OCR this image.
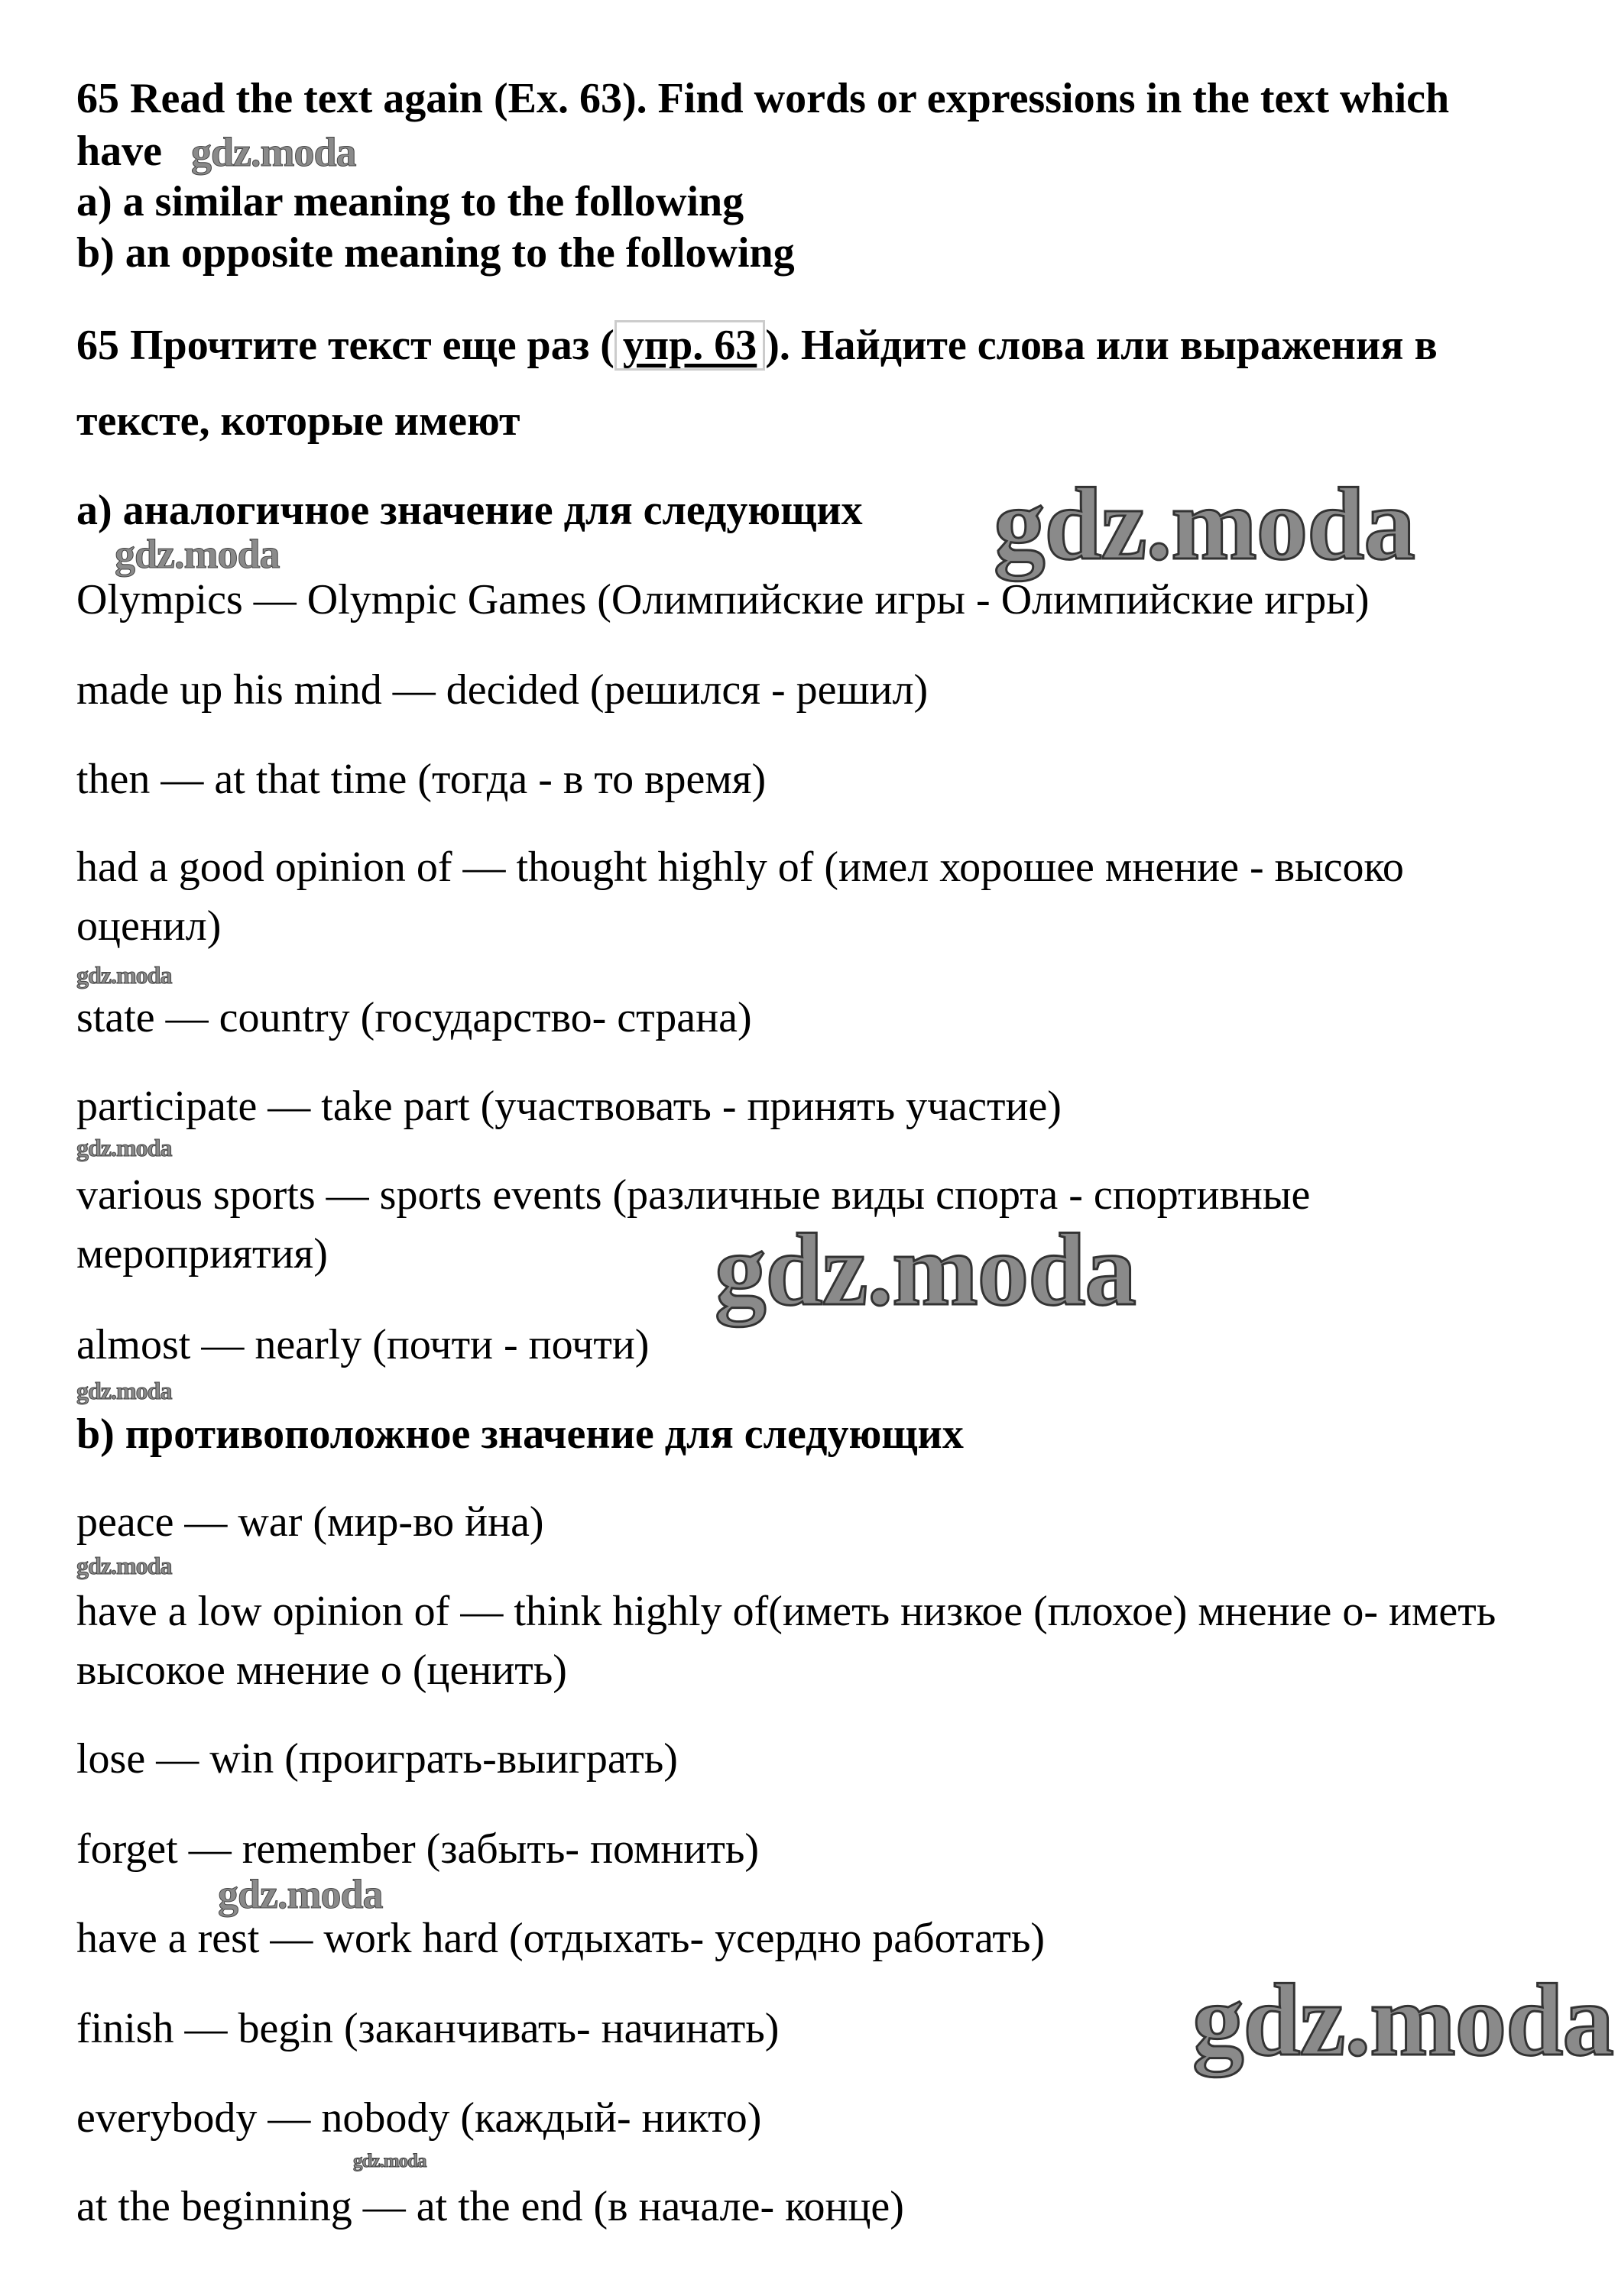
65 Read the text again (Ex. 63). Find words or expressions in the text which
have
a) a similar meaning to the following
b) an opposite meaning to the following
65 Прочтите текст еще раз ( упр. 63 ). Найдите слова или выражения в
тексте, которые имеют
а) аналогичное значение для следующих
Olympics — Olympic Games (Олимпийские игры - Олимпийские игры)
made up his mind — decided (решился - решил)
then — at that time (тогда - в то время)
had a good opinion of — thought highly of (имел хорошее мнение - высоко
оценил)
state — country (государство- страна)
participate — take part (участвовать - принять участие)
various sports — sports events (различные виды спорта - спортивные
мероприятия)
almost — nearly (почти - почти)
b) противоположное значение для следующих
peace — war (мир-во йна)
have a low opinion of — think highly of(иметь низкое (плохое) мнение о- иметь
высокое мнение о (ценить)
lose — win (проиграть-выиграть)
forget — remember (забыть- помнить)
have a rest — work hard (отдыхать- усердно работать)
finish — begin (заканчивать- начинать)
everybody — nobody (каждый- никто)
at the beginning — at the end (в начале- конце)
gdz.moda
gdz.moda	gdz.moda
gdz.moda
gdz.moda
gdz.moda
gdz.moda
gdz.moda
gdz.moda
gdz.moda
gdz.moda
